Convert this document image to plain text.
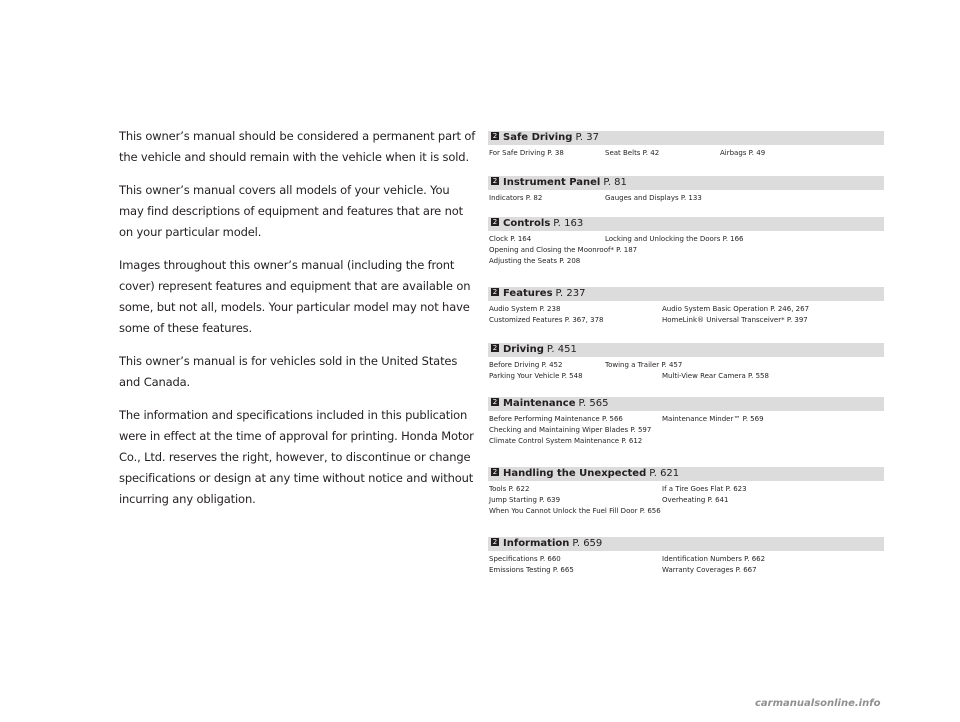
This owner’s manual should be considered a permanent part of the vehicle and should remain with the vehicle when it is sold.

This owner’s manual covers all models of your vehicle. You may find descriptions of equipment and features that are not on your particular model.

Images throughout this owner’s manual (including the front cover) represent features and equipment that are available on some, but not all, models. Your particular model may not have some of these features.

This owner’s manual is for vehicles sold in the United States and Canada.

The information and specifications included in this publication were in effect at the time of approval for printing. Honda Motor Co., Ltd. reserves the right, however, to discontinue or change specifications or design at any time without notice and without incurring any obligation.

2 Safe Driving P. 37
For Safe Driving P. 38	Seat Belts P. 42	Airbags P. 49
2 Instrument Panel P. 81
Indicators P. 82	Gauges and Displays P. 133
2 Controls P. 163
Clock P. 164	Locking and Unlocking the Doors P. 166
Opening and Closing the Moonroof* P. 187
Adjusting the Seats P. 208
2 Features P. 237
Audio System P. 238	Audio System Basic Operation P. 246, 267
Customized Features P. 367, 378	HomeLink® Universal Transceiver* P. 397
2 Driving P. 451
Before Driving P. 452	Towing a Trailer P. 457
Parking Your Vehicle P. 548	Multi-View Rear Camera P. 558
2 Maintenance P. 565
Before Performing Maintenance P. 566	Maintenance Minder™ P. 569
Checking and Maintaining Wiper Blades P. 597
Climate Control System Maintenance P. 612
2 Handling the Unexpected P. 621
Tools P. 622	If a Tire Goes Flat P. 623
Jump Starting P. 639	Overheating P. 641
When You Cannot Unlock the Fuel Fill Door P. 656
2 Information P. 659
Specifications P. 660	Identification Numbers P. 662
Emissions Testing P. 665	Warranty Coverages P. 667
carmanualsonline.info
